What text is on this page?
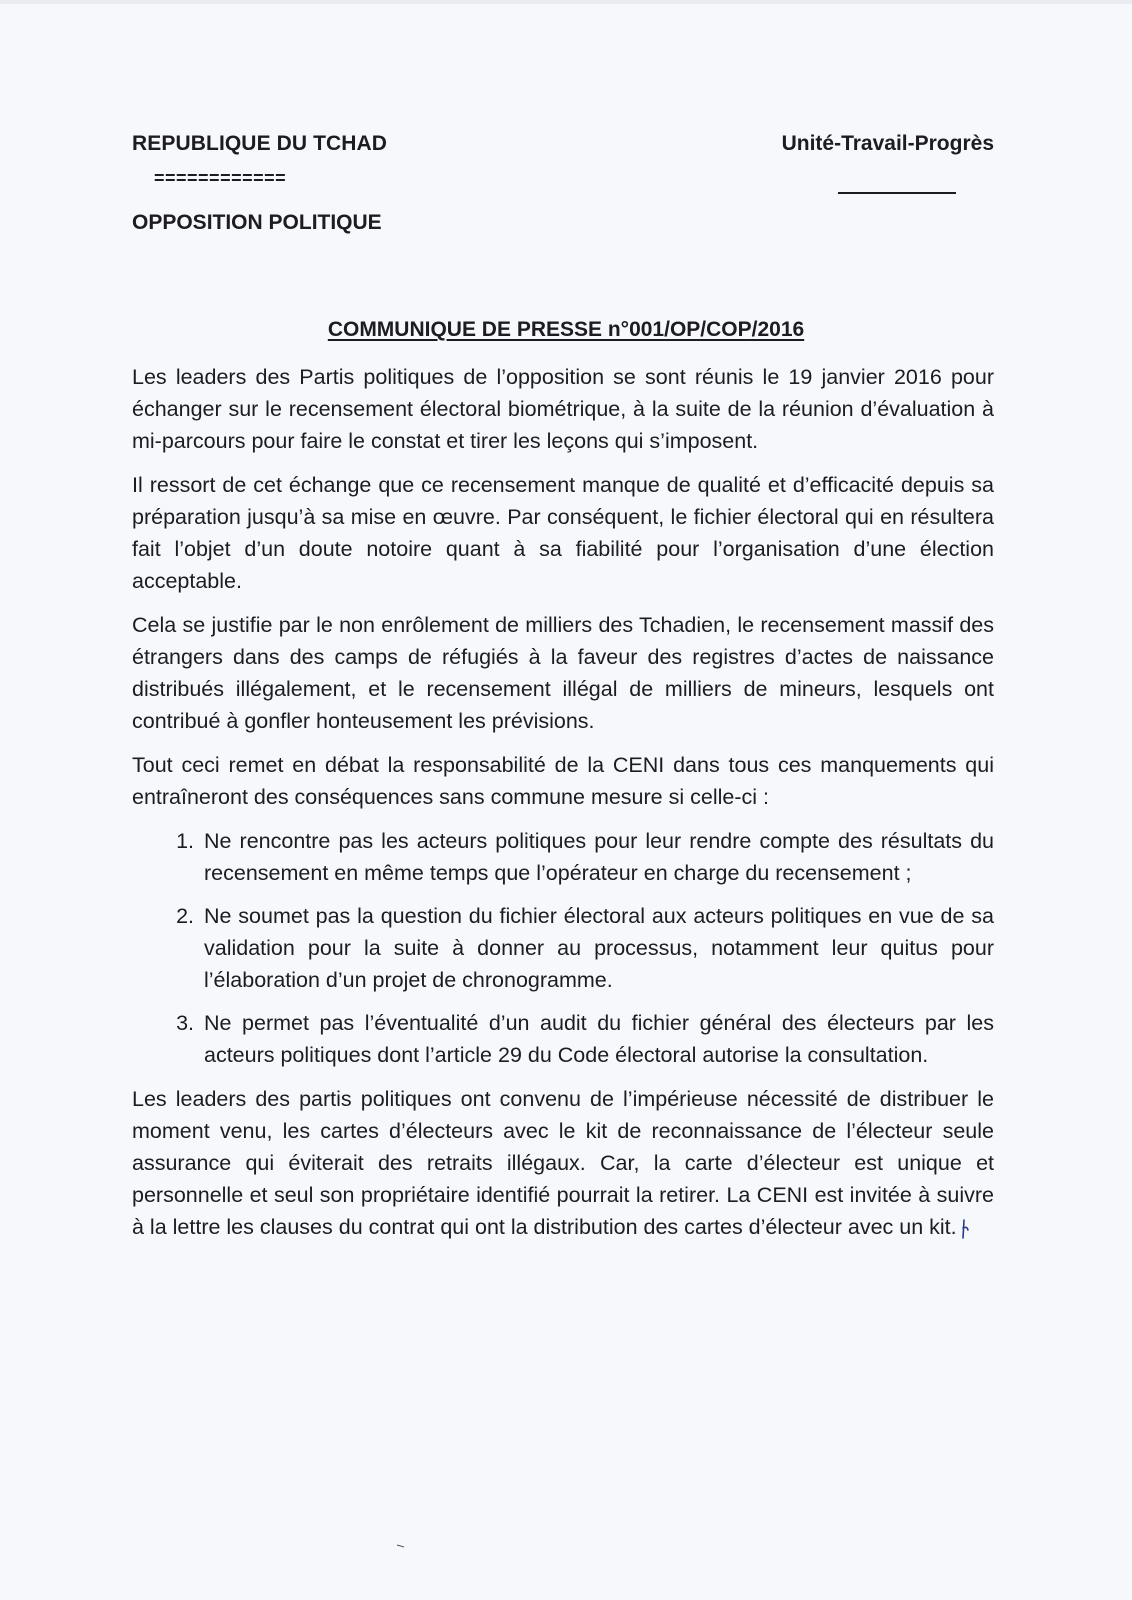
REPUBLIQUE DU TCHAD
============
OPPOSITION POLITIQUE
Unité-Travail-Progrès
COMMUNIQUE DE PRESSE n°001/OP/COP/2016

Les leaders des Partis politiques de l’opposition se sont réunis le 19 janvier 2016 pour échanger sur le recensement électoral biométrique, à la suite de la réunion d’évaluation à mi-parcours pour faire le constat et tirer les leçons qui s’imposent.

Il ressort de cet échange que ce recensement manque de qualité et d’efficacité depuis sa préparation jusqu’à sa mise en œuvre. Par conséquent, le fichier électoral qui en résultera fait l’objet d’un doute notoire quant à sa fiabilité pour l’organisation d’une élection acceptable.

Cela se justifie par le non enrôlement de milliers des Tchadien, le recensement massif des étrangers dans des camps de réfugiés à la faveur des registres d’actes de naissance distribués illégalement, et le recensement illégal de milliers de mineurs, lesquels ont contribué à gonfler honteusement les prévisions.

Tout ceci remet en débat la responsabilité de la CENI dans tous ces manquements qui entraîneront des conséquences sans commune mesure si celle-ci :

1. Ne rencontre pas les acteurs politiques pour leur rendre compte des résultats du recensement en même temps que l’opérateur en charge du recensement ;
2. Ne soumet pas la question du fichier électoral aux acteurs politiques en vue de sa validation pour la suite à donner au processus, notamment leur quitus pour l’élaboration d’un projet de chronogramme.
3. Ne permet pas l’éventualité d’un audit du fichier général des électeurs par les acteurs politiques dont l’article 29 du Code électoral autorise la consultation.

Les leaders des partis politiques ont convenu de l’impérieuse nécessité de distribuer le moment venu, les cartes d’électeurs avec le kit de reconnaissance de l’électeur seule assurance qui éviterait des retraits illégaux. Car, la carte d’électeur est unique et personnelle et seul son propriétaire identifié pourrait la retirer. La CENI est invitée à suivre à la lettre les clauses du contrat qui ont la distribution des cartes d’électeur avec un kit.
